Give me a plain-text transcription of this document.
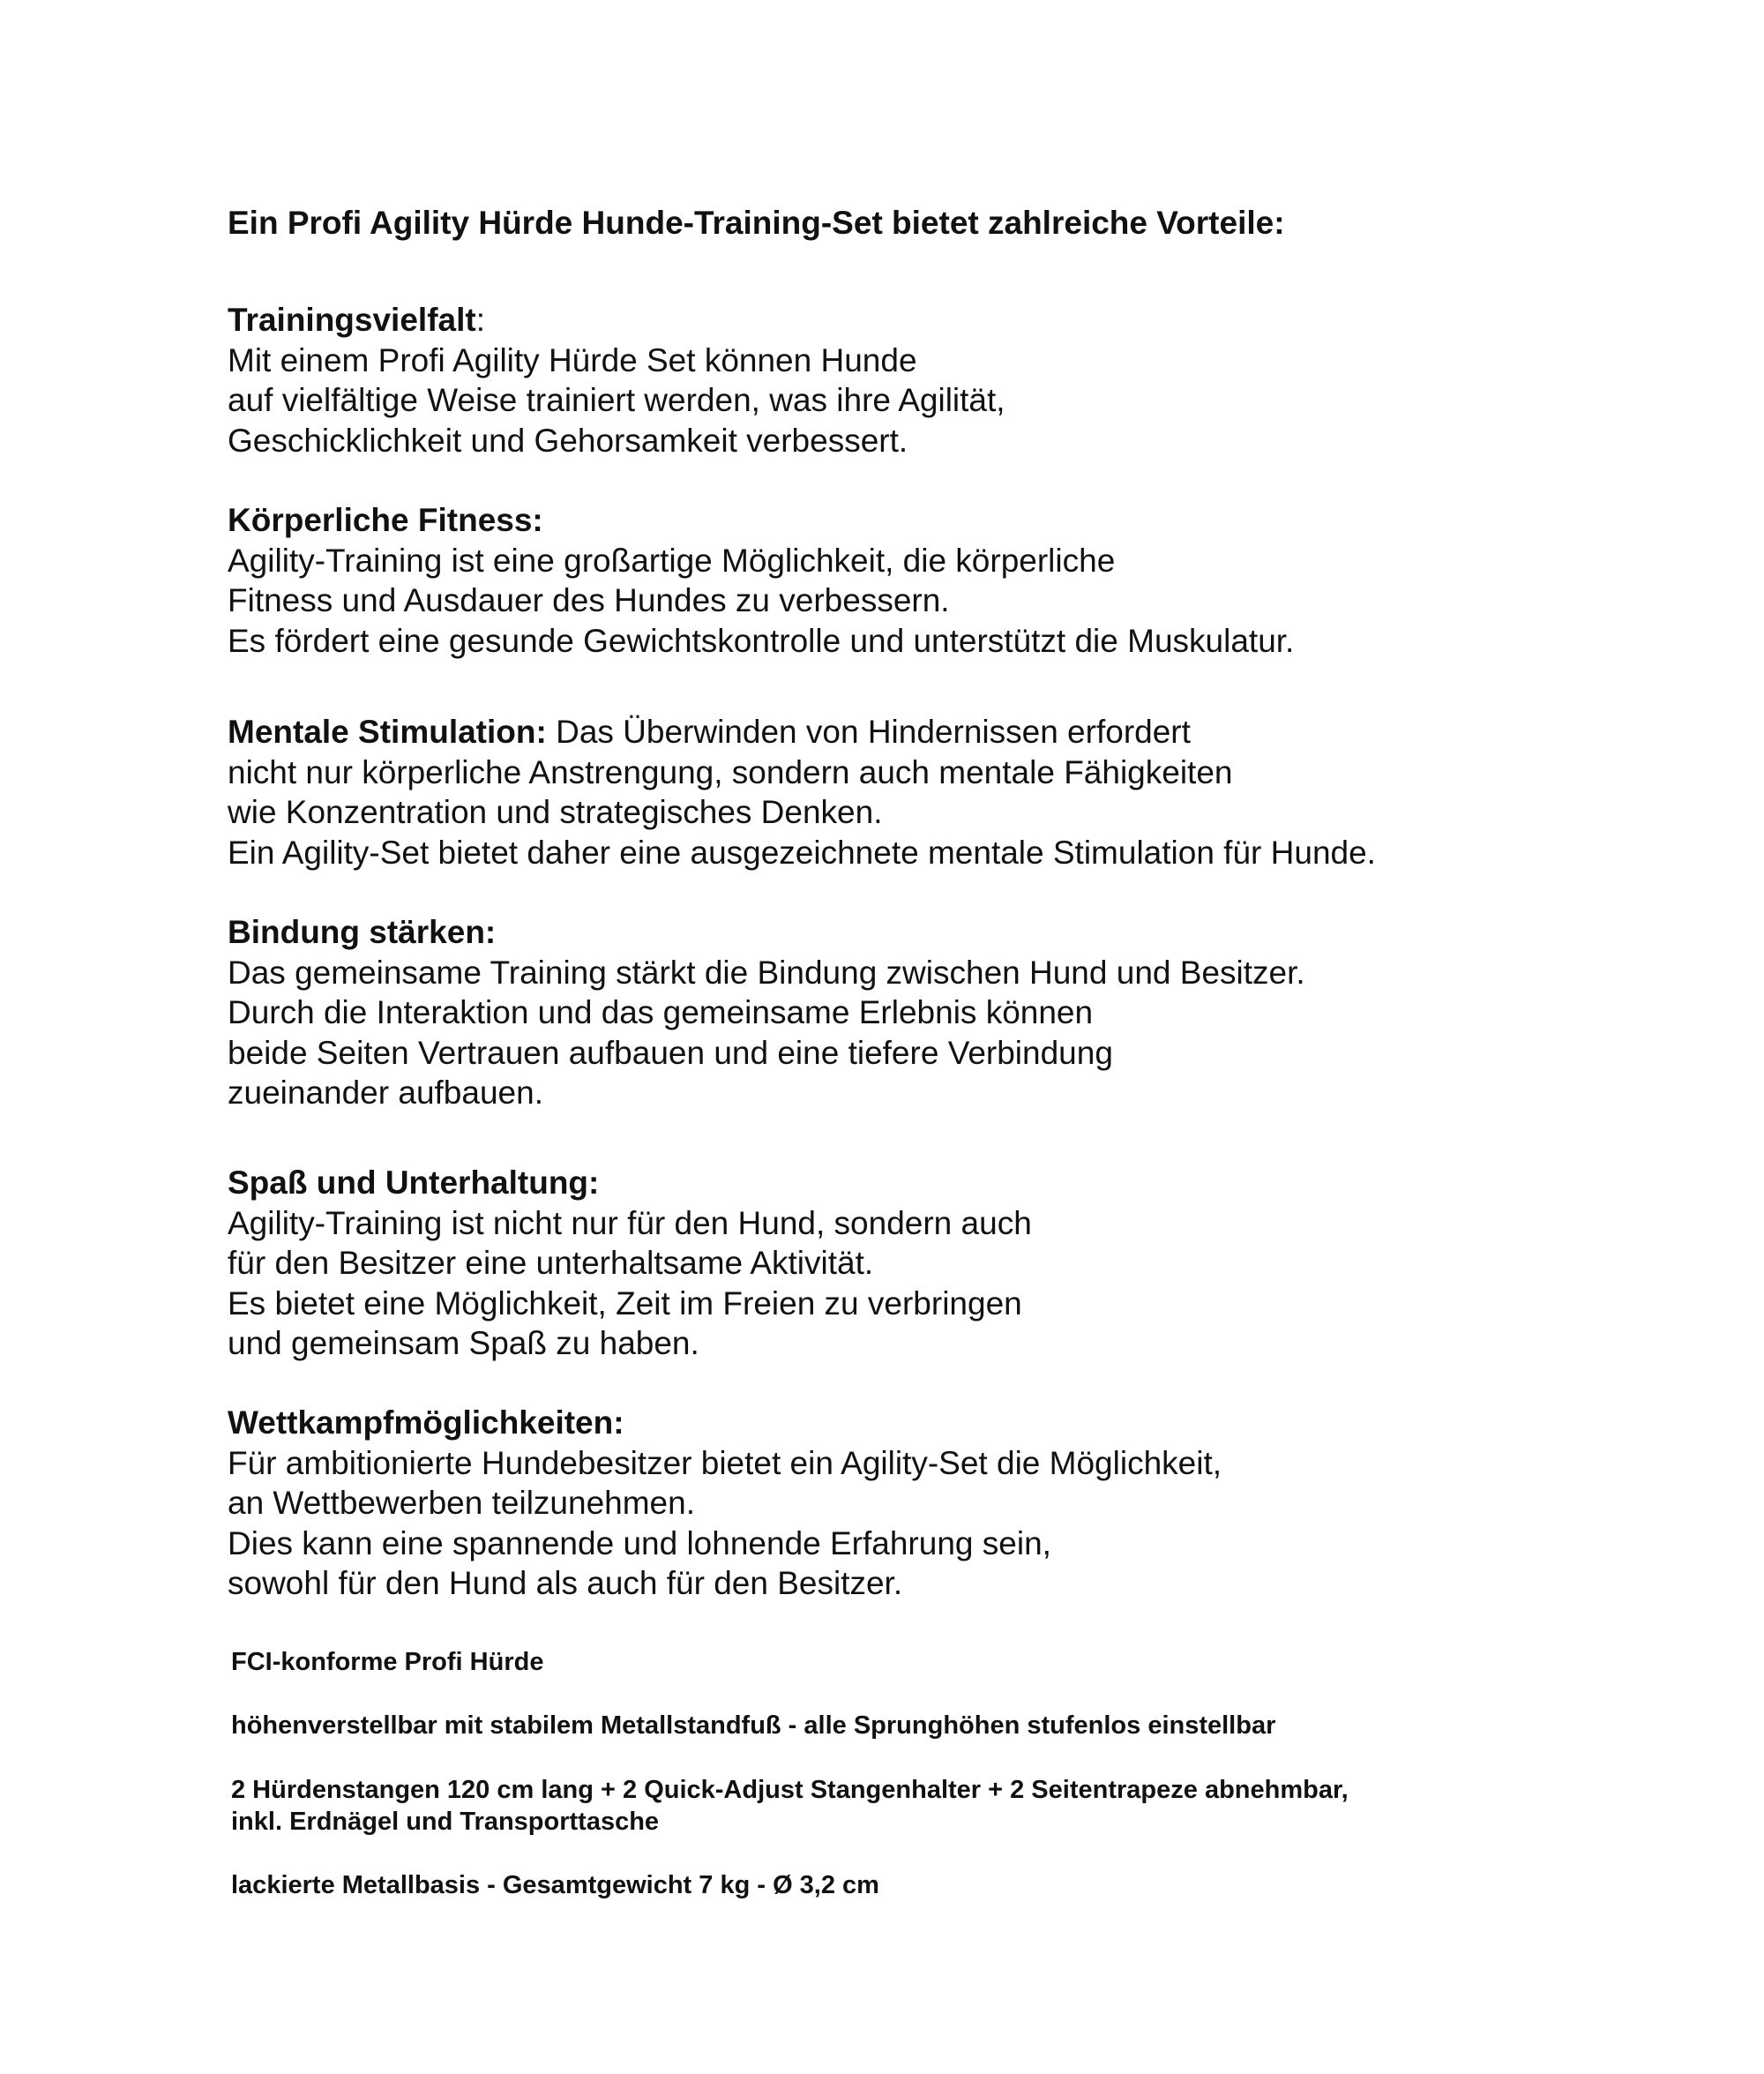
Ein Profi Agility Hürde Hunde-Training-Set bietet zahlreiche Vorteile:
Trainingsvielfalt:
Mit einem Profi Agility Hürde Set können Hunde
auf vielfältige Weise trainiert werden, was ihre Agilität,
Geschicklichkeit und Gehorsamkeit verbessert.
Körperliche Fitness:
Agility-Training ist eine großartige Möglichkeit, die körperliche
Fitness und Ausdauer des Hundes zu verbessern.
Es fördert eine gesunde Gewichtskontrolle und unterstützt die Muskulatur.
Mentale Stimulation: Das Überwinden von Hindernissen erfordert
nicht nur körperliche Anstrengung, sondern auch mentale Fähigkeiten
wie Konzentration und strategisches Denken.
Ein Agility-Set bietet daher eine ausgezeichnete mentale Stimulation für Hunde.
Bindung stärken:
Das gemeinsame Training stärkt die Bindung zwischen Hund und Besitzer.
Durch die Interaktion und das gemeinsame Erlebnis können
beide Seiten Vertrauen aufbauen und eine tiefere Verbindung
zueinander aufbauen.
Spaß und Unterhaltung:
Agility-Training ist nicht nur für den Hund, sondern auch
für den Besitzer eine unterhaltsame Aktivität.
Es bietet eine Möglichkeit, Zeit im Freien zu verbringen
und gemeinsam Spaß zu haben.
Wettkampfmöglichkeiten:
Für ambitionierte Hundebesitzer bietet ein Agility-Set die Möglichkeit,
an Wettbewerben teilzunehmen.
Dies kann eine spannende und lohnende Erfahrung sein,
sowohl für den Hund als auch für den Besitzer.

FCI-konforme Profi Hürde

höhenverstellbar mit stabilem Metallstandfuß - alle Sprunghöhen stufenlos einstellbar

2 Hürdenstangen 120 cm lang + 2 Quick-Adjust Stangenhalter + 2 Seitentrapeze abnehmbar,
inkl. Erdnägel und Transporttasche

lackierte Metallbasis - Gesamtgewicht 7 kg - Ø 3,2 cm
